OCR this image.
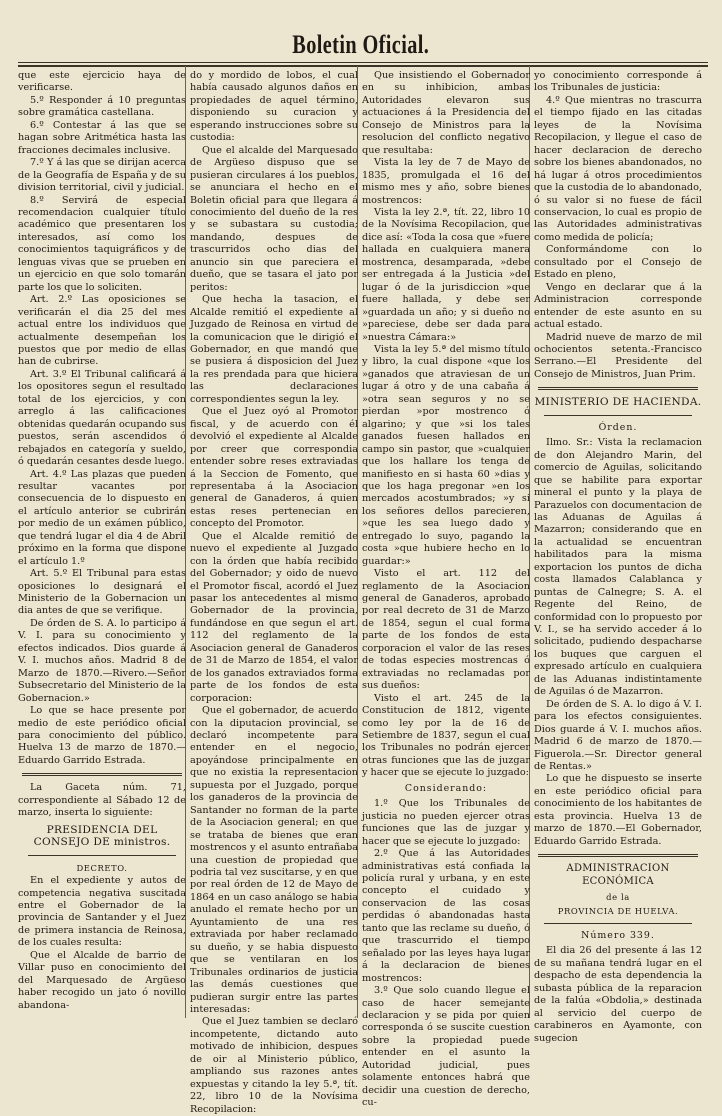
Boletin Oficial.

que este ejercicio haya de verificarse.

5.º Responder á 10 preguntas sobre gramática castellana.

6.º Contestar á las que se hagan sobre Aritmética hasta las fracciones decimales inclusive.

7.º Y á las que se dirijan acerca de la Geografía de España y de su division territorial, civil y judicial.

8.º Servirá de especial recomendacion cualquier título académico que presentaren los interesados, así como los conocimientos taquigráficos y de lenguas vivas que se prueben en un ejercicio en que solo tomarán parte los que lo soliciten.

Art. 2.º Las oposiciones se verificarán el dia 25 del mes actual entre los individuos que actualmente desempeñan los puestos que por medio de ellas han de cubrirse.

Art. 3.º El Tribunal calificará á los opositores segun el resultado total de los ejercicios, y con arreglo á las calificaciones obtenidas quedarán ocupando sus puestos, serán ascendidos ó rebajados en categoría y sueldo, ó quedarán cesantes desde luego.

Art. 4.º Las plazas que pueden resultar vacantes por consecuencia de lo dispuesto en el artículo anterior se cubrirán por medio de un exámen público, que tendrá lugar el dia 4 de Abril próximo en la forma que dispone el artículo 1.º

Art. 5.º El Tribunal para estas oposiciones lo designará el Ministerio de la Gobernacion un dia antes de que se verifique.

De órden de S. A. lo participo á V. I. para su conocimiento y efectos indicados. Dios guarde á V. I. muchos años. Madrid 8 de Marzo de 1870.—Rivero.—Señor Subsecretario del Ministerio de la Gobernacion.»

Lo que se hace presente por medio de este periódico oficial para conocimiento del público. Huelva 13 de marzo de 1870.—Eduardo Garrido Estrada.

La Gaceta núm. 71, correspondiente al Sábado 12 de marzo, inserta lo siguiente:

PRESIDENCIA DEL CONSEJO DE ministros.
DECRETO.

En el expediente y autos de competencia negativa suscitada entre el Gobernador de la provincia de Santander y el Juez de primera instancia de Reinosa, de los cuales resulta:

Que el Alcalde de barrio de Villar puso en conocimiento del del Marquesado de Argüeso haber recogido un jato ó novillo abandona-

do y mordido de lobos, el cual había causado algunos daños en propiedades de aquel término, disponiendo su curacion y esperando instrucciones sobre su custodia:

Que el alcalde del Marquesado de Argüeso dispuso que se pusieran circulares á los pueblos, se anunciara el hecho en el Boletin oficial para que llegara á conocimiento del dueño de la res y se subastara su custodia; mandando, despues de trascurridos ocho dias del anuncio sin que pareciera el dueño, que se tasara el jato por peritos:

Que hecha la tasacion, el Alcalde remitió el expediente al Juzgado de Reinosa en virtud de la comunicacion que le dirigió el Gobernador, en que mandó que se pusiera á disposicion del Juez la res prendada para que hiciera las declaraciones correspondientes segun la ley.

Que el Juez oyó al Promotor fiscal, y de acuerdo con él devolvió el expediente al Alcalde por creer que correspondia entender sobre reses extraviadas á la Seccion de Fomento, que representaba á la Asociacion general de Ganaderos, á quien estas reses pertenecian en concepto del Promotor.

Que el Alcalde remitió de nuevo el expediente al Juzgado con la órden que había recibido del Gobernador; y oido de nuevo el Promotor fiscal, acordó el Juez pasar los antecedentes al mismo Gobernador de la provincia, fundándose en que segun el art. 112 del reglamento de la Asociacion general de Ganaderos de 31 de Marzo de 1854, el valor de los ganados extraviados forma parte de los fondos de esta corporacion:

Que el gobernador, de acuerdo con la diputacion provincial, se declaró incompetente para entender en el negocio, apoyándose principalmente en que no existia la representacion supuesta por el Juzgado, porque los ganaderos de la provincia de Santander no forman de la parte de la Asociacion general; en que se trataba de bienes que eran mostrencos y el asunto entrañaba una cuestion de propiedad que podria tal vez suscitarse, y en que por real órden de 12 de Mayo de 1864 en un caso análogo se habia anulado el remate hecho por un Ayuntamiento de una res extraviada por haber reclamado su dueño, y se habia dispuesto que se ventilaran en los Tribunales ordinarios de justicia las demás cuestiones que pudieran surgir entre las partes interesadas:

Que el Juez tambien se declaró incompetente, dictando auto motivado de inhibicion, despues de oir al Ministerio público, ampliando sus razones antes expuestas y citando la ley 5.ª, tít. 22, libro 10 de la Novísima Recopilacion:

Que insistiendo el Gobernador en su inhibicion, ambas Autoridades elevaron sus actuaciones á la Presidencia del Consejo de Ministros para la resolucion del conflicto negativo que resultaba:

Vista la ley de 7 de Mayo de 1835, promulgada el 16 del mismo mes y año, sobre bienes mostrencos:

Vista la ley 2.ª, tít. 22, libro 10 de la Novísima Recopilacion, que dice así: «Toda la cosa que »fuere hallada en cualquiera manera mostrenca, desamparada, »debe ser entregada á la Justicia »del lugar ó de la jurisdiccion »que fuere hallada, y debe ser »guardada un año; y si dueño no »pareciese, debe ser dada para »nuestra Cámara:»

Vista la ley 5.ª del mismo título y libro, la cual dispone «que los »ganados que atraviesan de un lugar á otro y de una cabaña á »otra sean seguros y no se pierdan »por mostrenco ó algarino; y que »si los tales ganados fuesen hallados en campo sin pastor, que »cualquier que los hallare los tenga de manifiesto en si hasta 60 »dias y que los haga pregonar »en los mercados acostumbrados; »y si los señores dellos parecieren, »que les sea luego dado y entregado lo suyo, pagando la costa »que hubiere hecho en lo guardar:»

Visto el art. 112 del reglamento de la Asociacion general de Ganaderos, aprobado por real decreto de 31 de Marzo de 1854, segun el cual forma parte de los fondos de esta corporacion el valor de las reses de todas especies mostrencas ó extraviadas no reclamadas por sus dueños:

Visto el art. 245 de la Constitucion de 1812, vigente como ley por la de 16 de Setiembre de 1837, segun el cual los Tribunales no podrán ejercer otras funciones que las de juzgar y hacer que se ejecute lo juzgado:

Considerando:

1.º Que los Tribunales de justicia no pueden ejercer otras funciones que las de juzgar y hacer que se ejecute lo juzgado:

2.º Que á las Autoridades administrativas está confiada la policía rural y urbana, y en este concepto el cuidado y conservacion de las cosas perdidas ó abandonadas hasta tanto que las reclame su dueño, ó que trascurrido el tiempo señalado por las leyes haya lugar á la declaracion de bienes mostrencos:

3.º Que solo cuando llegue el caso de hacer semejante declaracion y se pida por quien corresponda ó se suscite cuestion sobre la propiedad puede entender en el asunto la Autoridad judicial, pues solamente entonces habrá que decidir una cuestion de derecho, cu-

yo conocimiento corresponde á los Tribunales de justicia:

4.º Que mientras no trascurra el tiempo fijado en las citadas leyes de la Novísima Recopilacion, y llegue el caso de hacer declaracion de derecho sobre los bienes abandonados, no há lugar á otros procedimientos que la custodia de lo abandonado, ó su valor si no fuese de fácil conservacion, lo cual es propio de las Autoridades administrativas como medida de policía;

Conformándome con lo consultado por el Consejo de Estado en pleno,

Vengo en declarar que á la Administracion corresponde entender de este asunto en su actual estado.

Madrid nueve de marzo de mil ochocientos setenta.-Francisco Serrano.—El Presidente del Consejo de Ministros, Juan Prim.

MINISTERIO DE HACIENDA.
Órden.

Ilmo. Sr.: Vista la reclamacion de don Alejandro Marin, del comercio de Aguilas, solicitando que se habilite para exportar mineral el punto y la playa de Parazuelos con documentacion de las Aduanas de Aguilas á Mazarron; considerando que en la actualidad se encuentran habilitados para la misma exportacion los puntos de dicha costa llamados Calablanca y puntas de Calnegre; S. A. el Regente del Reino, de conformidad con lo propuesto por V. I., se ha servido acceder á lo solicitado, pudiendo despacharse los buques que carguen el expresado artículo en cualquiera de las Aduanas indistintamente de Aguilas ó de Mazarron.

De órden de S. A. lo digo á V. I. para los efectos consiguientes. Dios guarde á V. I. muchos años. Madrid 6 de marzo de 1870.—Figuerola.—Sr. Director general de Rentas.»

Lo que he dispuesto se inserte en este periódico oficial para conocimiento de los habitantes de esta provincia. Huelva 13 de marzo de 1870.—El Gobernador, Eduardo Garrido Estrada.

ADMINISTRACION ECONÓMICA
de la
PROVINCIA DE HUELVA.
Número 339.

El dia 26 del presente á las 12 de su mañana tendrá lugar en el despacho de esta dependencia la subasta pública de la reparacion de la falúa «Obdolia,» destinada al servicio del cuerpo de carabineros en Ayamonte, con sugecion
